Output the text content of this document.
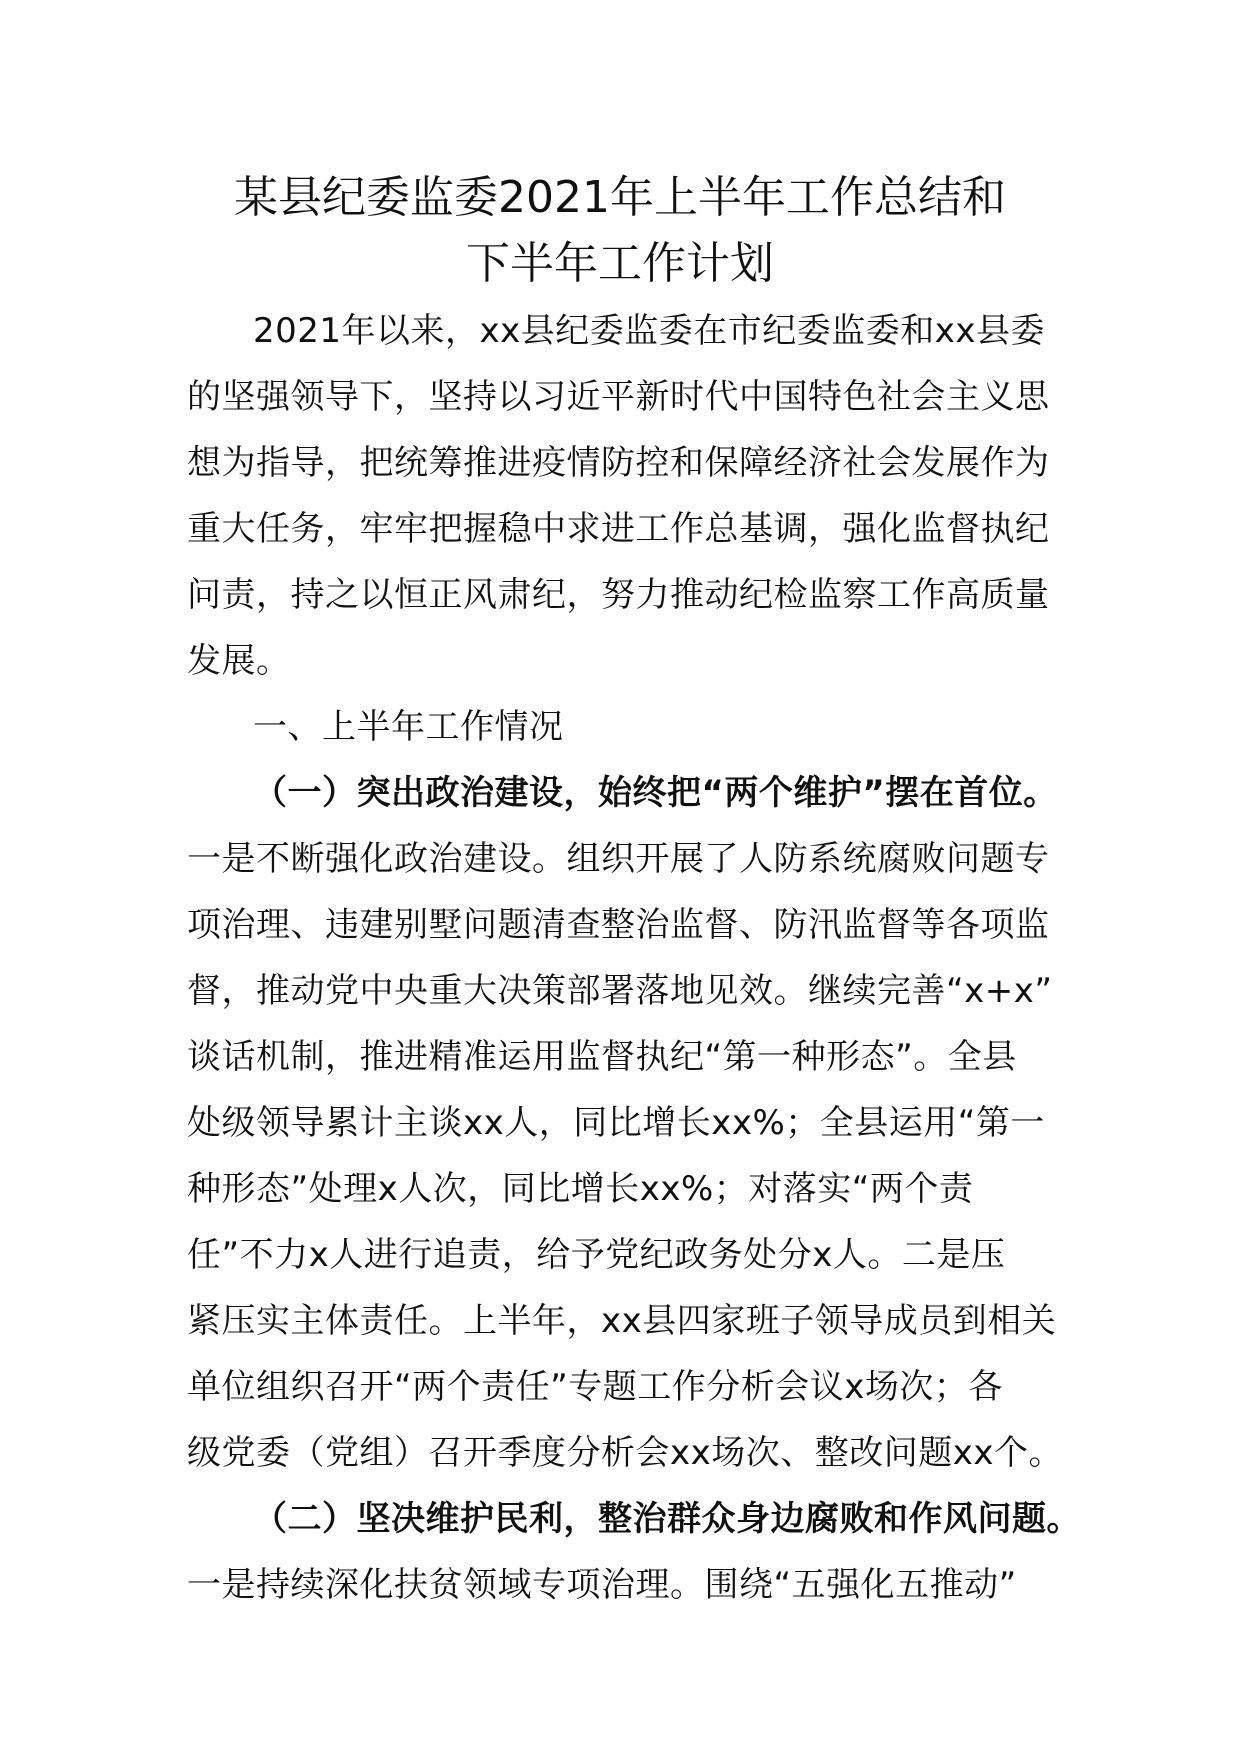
某县纪委监委2021年上半年工作总结和
下半年工作计划
2021年以来，xx县纪委监委在市纪委监委和xx县委
的坚强领导下，坚持以习近平新时代中国特色社会主义思
想为指导，把统筹推进疫情防控和保障经济社会发展作为
重大任务，牢牢把握稳中求进工作总基调，强化监督执纪
问责，持之以恒正风肃纪，努力推动纪检监察工作高质量
发展。
一、上半年工作情况
（一）突出政治建设，始终把“两个维护”摆在首位。
一是不断强化政治建设。组织开展了人防系统腐败问题专
项治理、违建别墅问题清查整治监督、防汛监督等各项监
督，推动党中央重大决策部署落地见效。继续完善“x+x”
谈话机制，推进精准运用监督执纪“第一种形态”。全县
处级领导累计主谈xx人，同比增长xx%；全县运用“第一
种形态”处理x人次，同比增长xx%；对落实“两个责
任”不力x人进行追责，给予党纪政务处分x人。二是压
紧压实主体责任。上半年，xx县四家班子领导成员到相关
单位组织召开“两个责任”专题工作分析会议x场次；各
级党委（党组）召开季度分析会xx场次、整改问题xx个。
（二）坚决维护民利，整治群众身边腐败和作风问题。
一是持续深化扶贫领域专项治理。围绕“五强化五推动”
